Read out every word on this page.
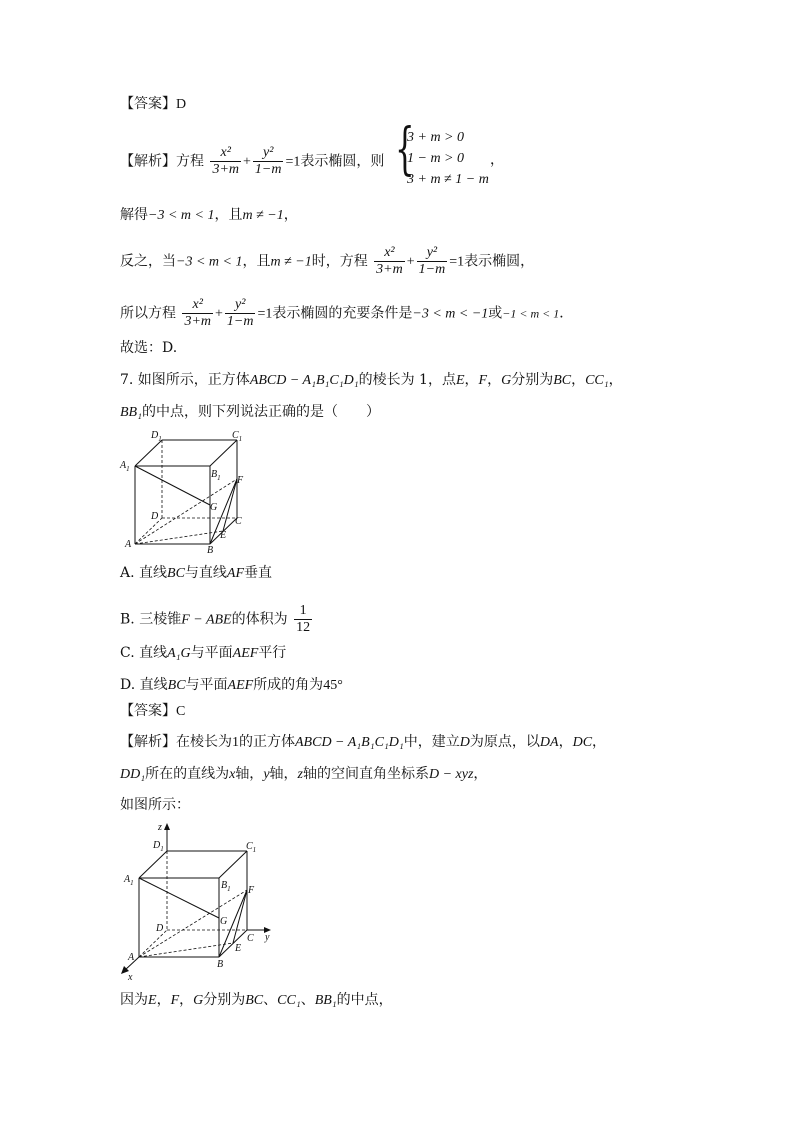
【答案】D
【解析】方程 $\frac{\text{x²}}{3+m} + \frac{\text{y²}}{1-m} =1$表示椭圆，则 {
3 + m > 0
1 − m > 0
3 + m ≠ 1 − m
，
解得−3 < m < 1，且m ≠ −1，
反之，当−3 < m < 1，且m ≠ −1时，方程 $\frac{\text{x²}}{3+m} + \frac{\text{y²}}{1-m} =1$表示椭圆，
所以方程 $\frac{\text{x²}}{3+m} + \frac{\text{y²}}{1-m} =1$表示椭圆的充要条件是−3 < m < −1或−1 < m < 1．
故选：D.
7. 如图所示，正方体ABCD − A₁B₁C₁D₁的棱长为 1，点E，F，G分别为BC，CC₁，
BB₁的中点，则下列说法正确的是（　　）
$D_1$	$C_1$
$A_1$	$B_1$ F
G
D	C
E
A
B
A. 直线BC与直线AF垂直
B. 三棱锥F − ABE的体积为 $\frac{1}{12}$
C. 直线A₁G与平面AEF平行
D. 直线BC与平面AEF所成的角为45°
【答案】C
【解析】在棱长为1的正方体ABCD − A₁B₁C₁D₁中，建立D为原点，以DA，DC，
DD₁所在的直线为x轴，y轴，z轴的空间直角坐标系D − xyz，
如图所示：
z
y
x
$D_1$	$C_1$
$A_1$	$B_1$ F
G
D
C
E
A
B
因为E，F，G分别为BC、CC₁、BB₁的中点，
